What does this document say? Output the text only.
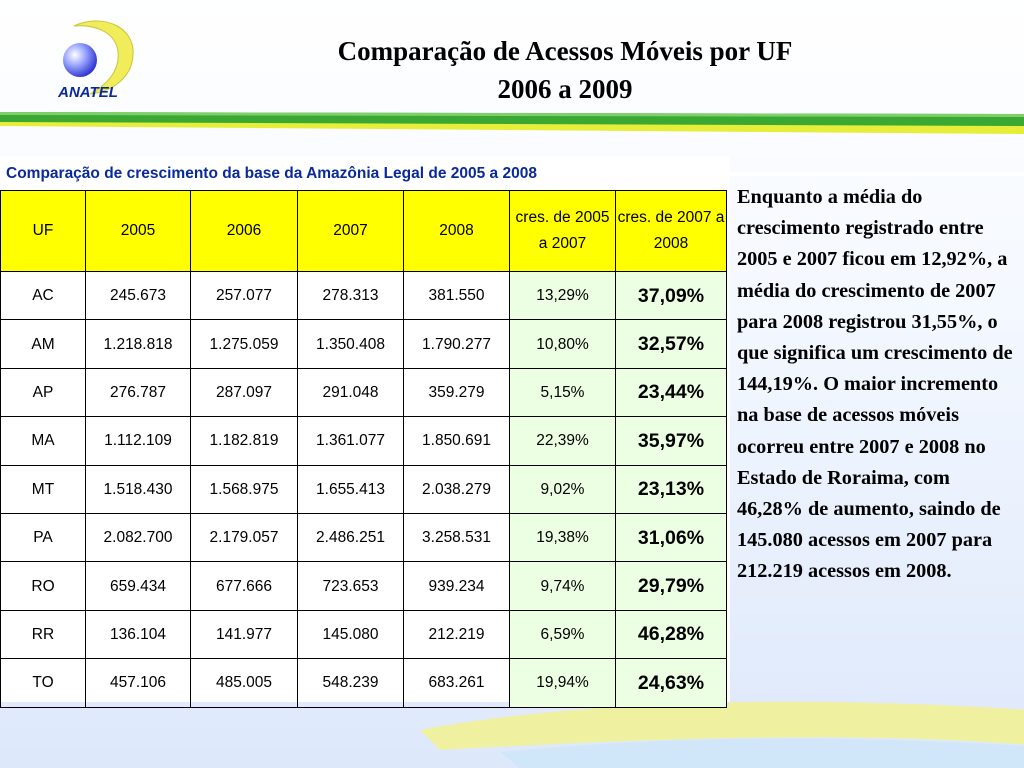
ANATEL
Comparação de Acessos Móveis por UF
2006 a 2009
Comparação de crescimento da base da Amazônia Legal de 2005 a 2008
UF	2005	2006	2007	2008	cres. de 2005 a 2007	cres. de 2007 a 2008
AC	245.673	257.077	278.313	381.550	13,29%	37,09%
AM	1.218.818	1.275.059	1.350.408	1.790.277	10,80%	32,57%
AP	276.787	287.097	291.048	359.279	5,15%	23,44%
MA	1.112.109	1.182.819	1.361.077	1.850.691	22,39%	35,97%
MT	1.518.430	1.568.975	1.655.413	2.038.279	9,02%	23,13%
PA	2.082.700	2.179.057	2.486.251	3.258.531	19,38%	31,06%
RO	659.434	677.666	723.653	939.234	9,74%	29,79%
RR	136.104	141.977	145.080	212.219	6,59%	46,28%
TO	457.106	485.005	548.239	683.261	19,94%	24,63%
Enquanto a média do crescimento registrado entre 2005 e 2007 ficou em 12,92%, a média do crescimento de 2007 para 2008 registrou 31,55%, o que significa um crescimento de 144,19%. O maior incremento na base de acessos móveis ocorreu entre 2007 e 2008 no Estado de Roraima, com 46,28% de aumento, saindo de 145.080 acessos em 2007 para 212.219 acessos em 2008.
